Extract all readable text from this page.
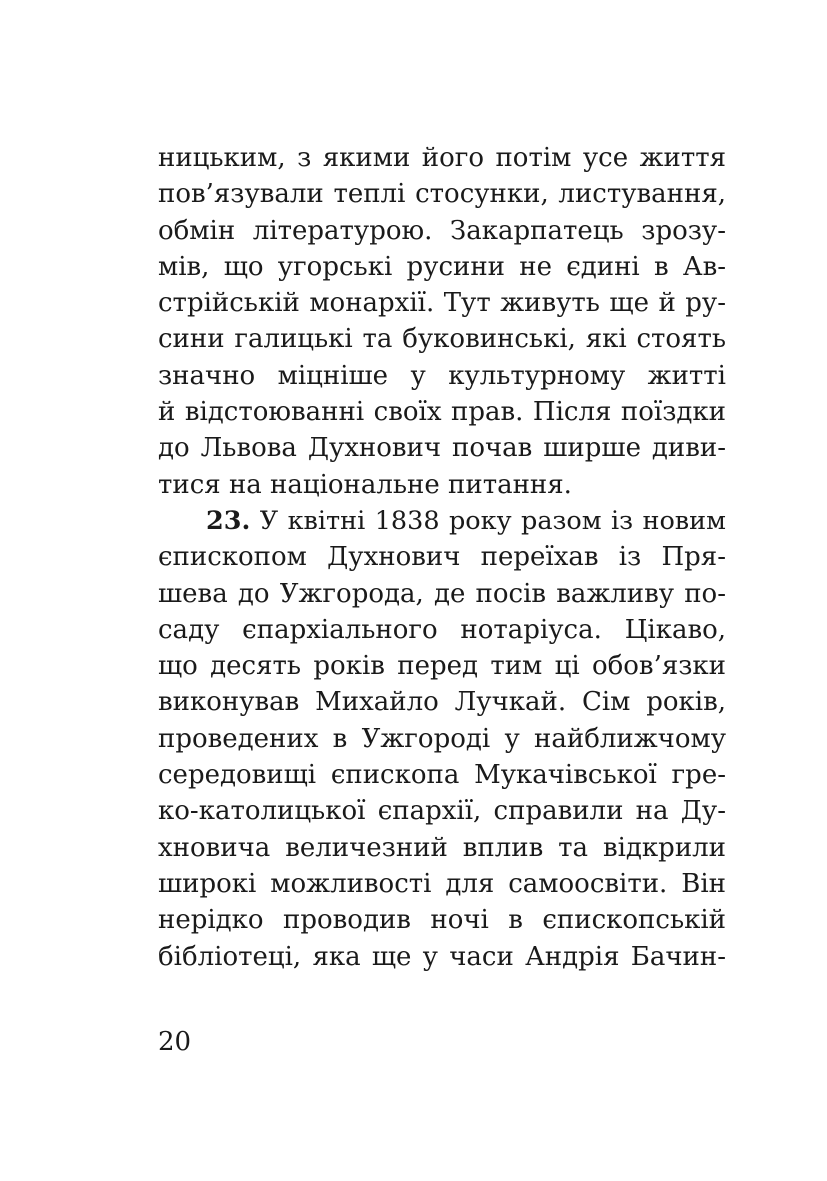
ницьким, з якими його потім усе життя
пов’язували теплі стосунки, листування,
обмін літературою. Закарпатець зрозу-
мів, що угорські русини не єдині в Ав-
стрійській монархії. Тут живуть ще й ру-
сини галицькі та буковинські, які стоять
значно міцніше у культурному житті
й відстоюванні своїх прав. Після поїздки
до Львова Духнович почав ширше диви-
тися на національне питання.
23. У квітні 1838 року разом із новим
єпископом Духнович переїхав із Пря-
шева до Ужгорода, де посів важливу по-
саду єпархіального нотаріуса. Цікаво,
що десять років перед тим ці обов’язки
виконував Михайло Лучкай. Сім років,
проведених в Ужгороді у найближчому
середовищі єпископа Мукачівської гре-
ко-католицької єпархії, справили на Ду-
хновича величезний вплив та відкрили
широкі можливості для самоосвіти. Він
нерідко проводив ночі в єпископській
бібліотеці, яка ще у часи Андрія Бачин-
20
